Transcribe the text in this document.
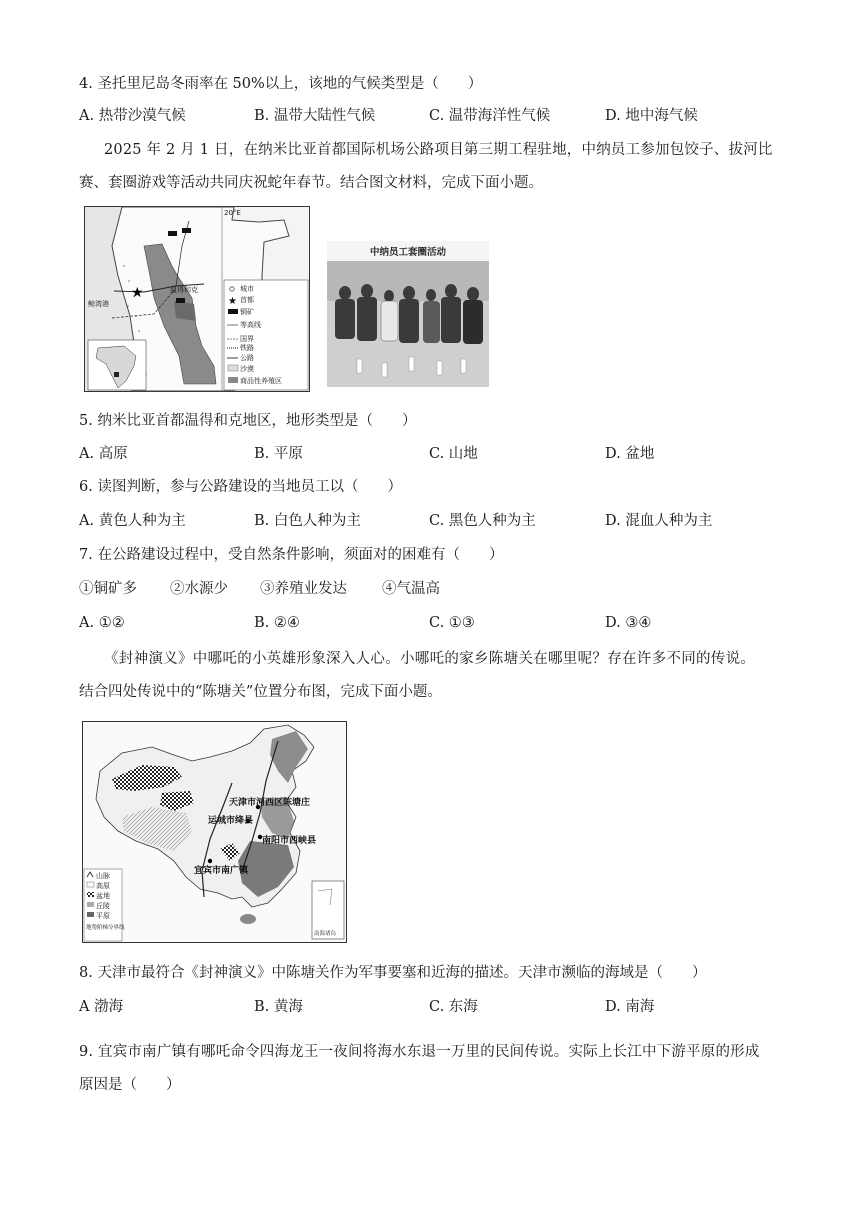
4. 圣托里尼岛冬雨率在 50%以上，该地的气候类型是（　　）
A. 热带沙漠气候	B. 温带大陆性气候	C. 温带海洋性气候	D. 地中海气候
2025 年 2 月 1 日，在纳米比亚首都国际机场公路项目第三期工程驻地，中纳员工参加包饺子、拔河比
赛、套圈游戏等活动共同庆祝蛇年春节。结合图文材料，完成下面小题。
20°E
★	温得和克
鲸湾港
城市
★ 首都
铜矿
等高线
国界
铁路
公路
沙漠
商品性养殖区
中纳员工套圈活动
5. 纳米比亚首都温得和克地区，地形类型是（　　）
A. 高原	B. 平原	C. 山地	D. 盆地
6. 读图判断，参与公路建设的当地员工以（　　）
A. 黄色人种为主	B. 白色人种为主	C. 黑色人种为主	D. 混血人种为主
7. 在公路建设过程中，受自然条件影响，须面对的困难有（　　）
①铜矿多 ②水源少 ③养殖业发达 ④气温高
A. ①②	B. ②④	C. ①③	D. ③④
《封神演义》中哪吒的小英雄形象深入人心。小哪吒的家乡陈塘关在哪里呢？存在许多不同的传说。
结合四处传说中的“陈塘关”位置分布图，完成下面小题。
天津市河西区陈塘庄
运城市绛县
南阳市西峡县
宜宾市南广镇
南海诸岛
山脉
高原
盆地
丘陵
平原
地势阶梯分界线
8. 天津市最符合《封神演义》中陈塘关作为军事要塞和近海的描述。天津市濒临的海域是（　　）
A 渤海	B. 黄海	C. 东海	D. 南海
9. 宜宾市南广镇有哪吒命令四海龙王一夜间将海水东退一万里的民间传说。实际上长江中下游平原的形成
原因是（　　）
